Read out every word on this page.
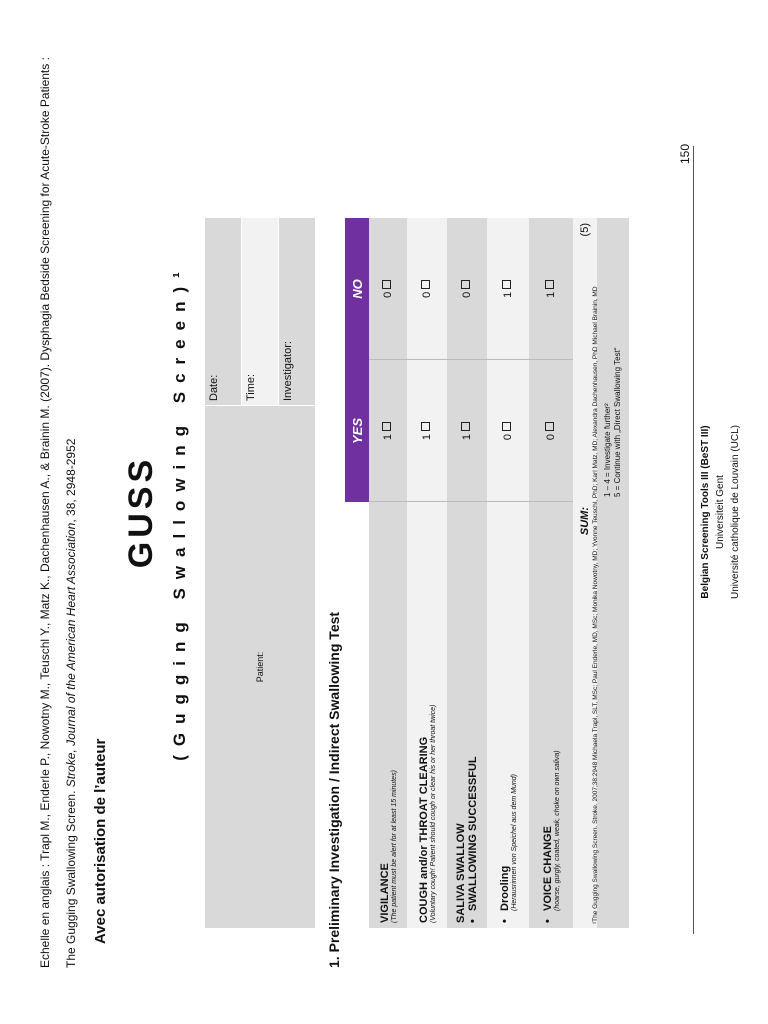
Echelle en anglais : Trapl M., Enderle P., Nowotny M., Teuschl Y., Matz K., Dachenhausen A., & Brainin M. (2007). Dysphagia Bedside Screening for Acute-Stroke Patients : The Gugging Swallowing Screen. Stroke, Journal of the American Heart Association, 38, 2948-2952
Avec autorisation de l’auteur
GUSS (Gugging Swallowing Screen)¹	Patient:
Date:	Time:	Investigator:
1. Preliminary Investigation / Indirect Swallowing Test
	YES	NO

VIGILANCE (The patient must be alert for at least 15 minutes)	1	0

COUGH and/or THROAT CLEARING (Voluntary cough! Patient should cough or clear his or her throat twice)	1	0

SALIVA SWALLOW •SWALLOWING SUCCESSFUL	1	0

•Drooling (Herausrinnen von Speichel aus dem Mund)	0	1

•VOICE CHANGE (hoarse, gurgly, coated, weak, choke on own saliva)	0	1
SUM:	(5)	

	1 – 4 = Investigate further² 5 = Continue with „Direct Swallowing Test“	
¹The Gugging Swallowing Screen. Stroke. 2007;38:2948 Michaela Trapl, SLT, MSc; Paul Enderle, MD, MSc; Monika Nowotny, MD; Yvonne Teuschl, PhD; Karl Matz, MD; Alexandra Dachenhausen, PhD Michael Brainin, MD
150
Belgian Screening Tools III (BeST III) Universiteit Gent Université catholique de Louvain (UCL)
